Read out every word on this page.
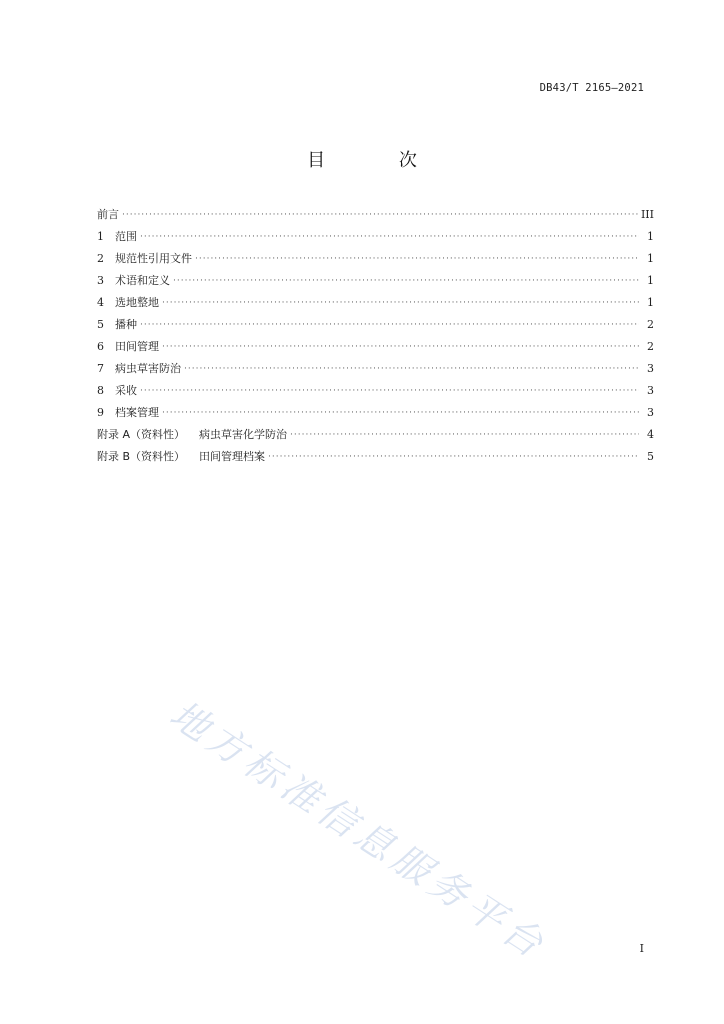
DB43/T 2165—2021
目 次
前言 ·····	III
1	范围 ·····	1
2	规范性引用文件 ·····	1
3	术语和定义 ·····	1
4	选地整地 ·····	1
5	播种 ·····	2
6	田间管理 ·····	2
7	病虫草害防治 ·····	3
8	采收 ·····	3
9	档案管理 ·····	3
附录 A（资料性） 病虫草害化学防治 ·····	4
附录 B（资料性） 田间管理档案 ·····	5
地方标准信息服务平台	I
